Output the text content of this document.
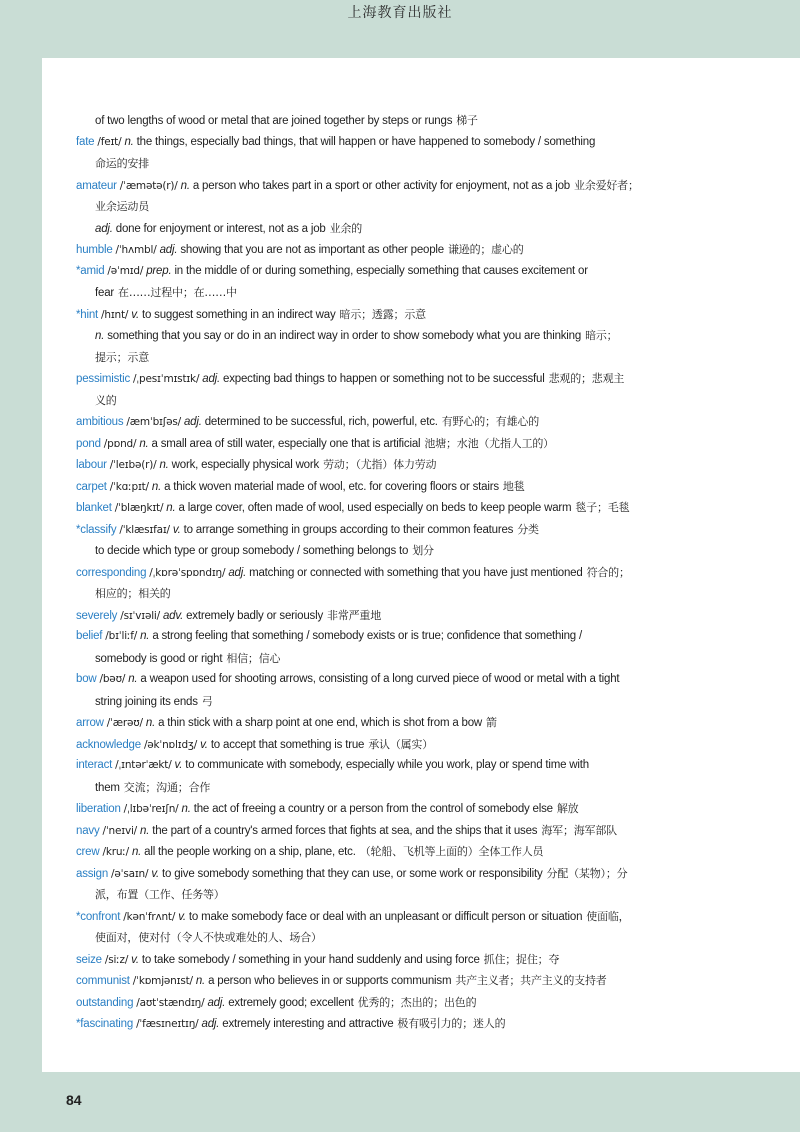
上海教育出版社
of two lengths of wood or metal that are joined together by steps or rungs 梯子
fate /feɪt/ n. the things, especially bad things, that will happen or have happened to somebody / something
命运的安排
amateur /ˈæmətə(r)/ n. a person who takes part in a sport or other activity for enjoyment, not as a job 业余爱好者；
业余运动员
adj. done for enjoyment or interest, not as a job 业余的
humble /ˈhʌmbl/ adj. showing that you are not as important as other people 谦逊的；虚心的
*amid /əˈmɪd/ prep. in the middle of or during something, especially something that causes excitement or
fear 在……过程中；在……中
*hint /hɪnt/ v. to suggest something in an indirect way 暗示；透露；示意
n. something that you say or do in an indirect way in order to show somebody what you are thinking 暗示；
提示；示意
pessimistic /ˌpesɪˈmɪstɪk/ adj. expecting bad things to happen or something not to be successful 悲观的；悲观主
义的
ambitious /æmˈbɪʃəs/ adj. determined to be successful, rich, powerful, etc. 有野心的；有雄心的
pond /pɒnd/ n. a small area of still water, especially one that is artificial 池塘；水池（尤指人工的）
labour /ˈleɪbə(r)/ n. work, especially physical work 劳动；（尤指）体力劳动
carpet /ˈkɑːpɪt/ n. a thick woven material made of wool, etc. for covering floors or stairs 地毯
blanket /ˈblæŋkɪt/ n. a large cover, often made of wool, used especially on beds to keep people warm 毯子；毛毯
*classify /ˈklæsɪfaɪ/ v. to arrange something in groups according to their common features 分类
to decide which type or group somebody / something belongs to 划分
corresponding /ˌkɒrəˈspɒndɪŋ/ adj. matching or connected with something that you have just mentioned 符合的；
相应的；相关的
severely /sɪˈvɪəli/ adv. extremely badly or seriously 非常严重地
belief /bɪˈliːf/ n. a strong feeling that something / somebody exists or is true; confidence that something /
somebody is good or right 相信；信心
bow /bəʊ/ n. a weapon used for shooting arrows, consisting of a long curved piece of wood or metal with a tight
string joining its ends 弓
arrow /ˈærəʊ/ n. a thin stick with a sharp point at one end, which is shot from a bow 箭
acknowledge /əkˈnɒlɪdʒ/ v. to accept that something is true 承认（属实）
interact /ˌɪntərˈækt/ v. to communicate with somebody, especially while you work, play or spend time with
them 交流；沟通；合作
liberation /ˌlɪbəˈreɪʃn/ n. the act of freeing a country or a person from the control of somebody else 解放
navy /ˈneɪvi/ n. the part of a country's armed forces that fights at sea, and the ships that it uses 海军；海军部队
crew /kruː/ n. all the people working on a ship, plane, etc. （轮船、飞机等上面的）全体工作人员
assign /əˈsaɪn/ v. to give somebody something that they can use, or some work or responsibility 分配（某物）；分
派，布置（工作、任务等）
*confront /kənˈfrʌnt/ v. to make somebody face or deal with an unpleasant or difficult person or situation 使面临，
使面对，使对付（令人不快或难处的人、场合）
seize /siːz/ v. to take somebody / something in your hand suddenly and using force 抓住；捉住；夺
communist /ˈkɒmjənɪst/ n. a person who believes in or supports communism 共产主义者；共产主义的支持者
outstanding /aʊtˈstændɪŋ/ adj. extremely good; excellent 优秀的；杰出的；出色的
*fascinating /ˈfæsɪneɪtɪŋ/ adj. extremely interesting and attractive 极有吸引力的；迷人的
84
